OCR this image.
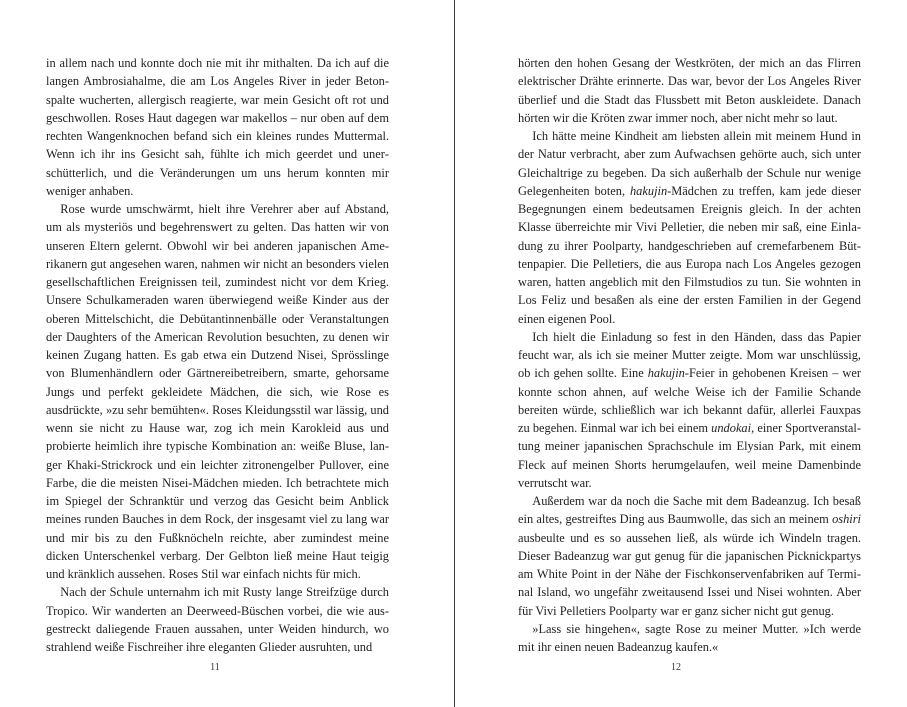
in allem nach und konnte doch nie mit ihr mithalten. Da ich auf die langen Ambrosiahalme, die am Los Angeles River in jeder Betonspalte wucherten, allergisch reagierte, war mein Gesicht oft rot und geschwollen. Roses Haut dagegen war makellos – nur oben auf dem rechten Wangenknochen befand sich ein kleines rundes Muttermal. Wenn ich ihr ins Gesicht sah, fühlte ich mich geerdet und unerschütterlich, und die Veränderungen um uns herum konnten mir weniger anhaben.

Rose wurde umschwärmt, hielt ihre Verehrer aber auf Abstand, um als mysteriös und begehrenswert zu gelten. Das hatten wir von unseren Eltern gelernt. Obwohl wir bei anderen japanischen Amerikanern gut angesehen waren, nahmen wir nicht an besonders vielen gesellschaftlichen Ereignissen teil, zumindest nicht vor dem Krieg. Unsere Schulkameraden waren überwiegend weiße Kinder aus der oberen Mittelschicht, die Debütantinnenbälle oder Veranstaltungen der Daughters of the American Revolution besuchten, zu denen wir keinen Zugang hatten. Es gab etwa ein Dutzend Nisei, Sprösslinge von Blumenhändlern oder Gärtnereibetreibern, smarte, gehorsame Jungs und perfekt gekleidete Mädchen, die sich, wie Rose es ausdrückte, »zu sehr bemühten«. Roses Kleidungsstil war lässig, und wenn sie nicht zu Hause war, zog ich mein Karokleid aus und probierte heimlich ihre typische Kombination an: weiße Bluse, langer Khaki-Strickrock und ein leichter zitronengelber Pullover, eine Farbe, die die meisten Nisei-Mädchen mieden. Ich betrachtete mich im Spiegel der Schranktür und verzog das Gesicht beim Anblick meines runden Bauches in dem Rock, der insgesamt viel zu lang war und mir bis zu den Fußknöcheln reichte, aber zumindest meine dicken Unterschenkel verbarg. Der Gelbton ließ meine Haut teigig und kränklich aussehen. Roses Stil war einfach nichts für mich.

Nach der Schule unternahm ich mit Rusty lange Streifzüge durch Tropico. Wir wanderten an Deerweed-Büschen vorbei, die wie ausgestreckt daliegende Frauen aussahen, unter Weiden hindurch, wo strahlend weiße Fischreiher ihre eleganten Glieder ausruhten, und

11

hörten den hohen Gesang der Westkröten, der mich an das Flirren elektrischer Drähte erinnerte. Das war, bevor der Los Angeles River überlief und die Stadt das Flussbett mit Beton auskleidete. Danach hörten wir die Kröten zwar immer noch, aber nicht mehr so laut.

Ich hätte meine Kindheit am liebsten allein mit meinem Hund in der Natur verbracht, aber zum Aufwachsen gehörte auch, sich unter Gleichaltrige zu begeben. Da sich außerhalb der Schule nur wenige Gelegenheiten boten, hakujin-Mädchen zu treffen, kam jede dieser Begegnungen einem bedeutsamen Ereignis gleich. In der achten Klasse überreichte mir Vivi Pelletier, die neben mir saß, eine Einladung zu ihrer Poolparty, handgeschrieben auf cremefarbenem Büttenpapier. Die Pelletiers, die aus Europa nach Los Angeles gezogen waren, hatten angeblich mit den Filmstudios zu tun. Sie wohnten in Los Feliz und besaßen als eine der ersten Familien in der Gegend einen eigenen Pool.

Ich hielt die Einladung so fest in den Händen, dass das Papier feucht war, als ich sie meiner Mutter zeigte. Mom war unschlüssig, ob ich gehen sollte. Eine hakujin-Feier in gehobenen Kreisen – wer konnte schon ahnen, auf welche Weise ich der Familie Schande bereiten würde, schließlich war ich bekannt dafür, allerlei Fauxpas zu begehen. Einmal war ich bei einem undokai, einer Sportveranstaltung meiner japanischen Sprachschule im Elysian Park, mit einem Fleck auf meinen Shorts herumgelaufen, weil meine Damenbinde verrutscht war.

Außerdem war da noch die Sache mit dem Badeanzug. Ich besaß ein altes, gestreiftes Ding aus Baumwolle, das sich an meinem oshiri ausbeulte und es so aussehen ließ, als würde ich Windeln tragen. Dieser Badeanzug war gut genug für die japanischen Picknickpartys am White Point in der Nähe der Fischkonservenfabriken auf Terminal Island, wo ungefähr zweitausend Issei und Nisei wohnten. Aber für Vivi Pelletiers Poolparty war er ganz sicher nicht gut genug.

»Lass sie hingehen«, sagte Rose zu meiner Mutter. »Ich werde mit ihr einen neuen Badeanzug kaufen.«

12
